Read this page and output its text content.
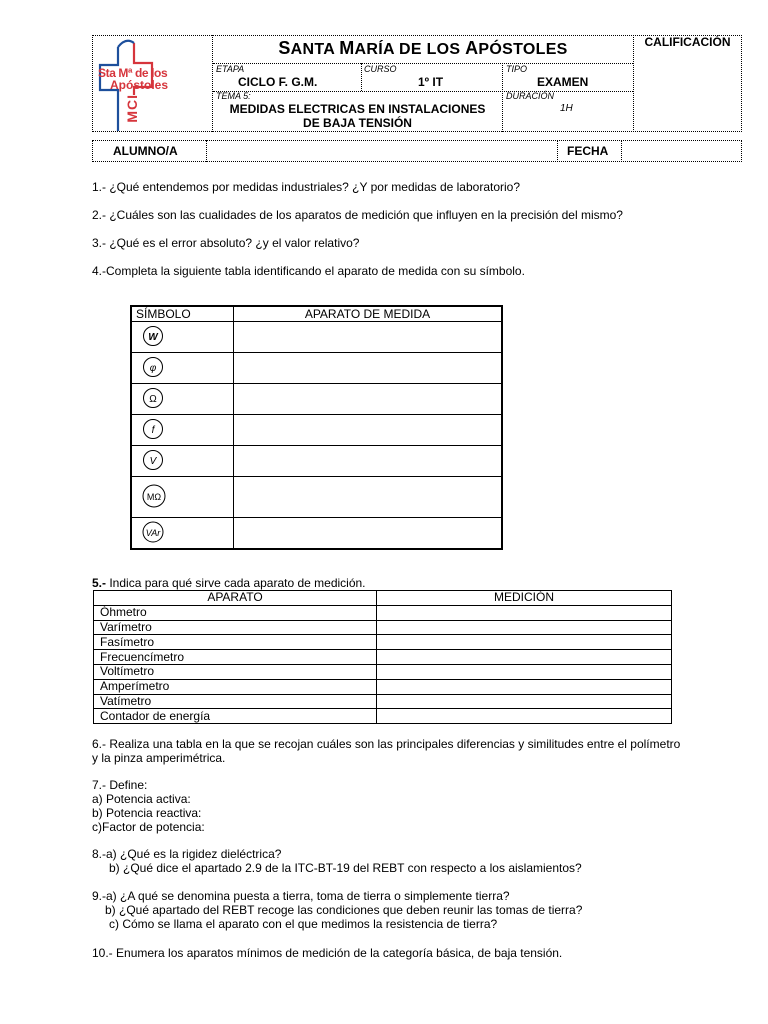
Sta Mª de los
Apóstoles
MCI
SANTA MARÍA DE LOS APÓSTOLES
ETAPA
CICLO F. G.M.
CURSO
1º IT
TIPO
EXAMEN
TEMA 5:
MEDIDAS ELECTRICAS EN INSTALACIONES
DE BAJA TENSIÓN
DURACIÓN
1H
CALIFICACIÓN
ALUMNO/A	FECHA
1.- ¿Qué entendemos por medidas industriales? ¿Y por medidas de laboratorio?
2.- ¿Cuáles son las cualidades de los aparatos de medición que influyen en la precisión del mismo?
3.- ¿Qué es el error absoluto? ¿y el valor relativo?
4.-Completa la siguiente tabla identificando el aparato de medida con su símbolo.
SÍMBOLO	APARATO DE MEDIDA

W	

φ	

Ω	

f	

V	

MΩ	

VAr	

5.- Indica para qué sirve cada aparato de medición.
APARATO	MEDICIÓN
Óhmetro	
Varímetro	
Fasímetro	
Frecuencímetro	
Voltímetro	
Amperímetro	
Vatímetro	
Contador de energía	
6.- Realiza una tabla en la que se recojan cuáles son las principales diferencias y similitudes entre el polímetro
y la pinza amperimétrica.
7.- Define:
a) Potencia activa:
b) Potencia reactiva:
c)Factor de potencia:
8.-a) ¿Qué es la rigidez dieléctrica?
b) ¿Qué dice el apartado 2.9 de la ITC-BT-19 del REBT con respecto a los aislamientos?
9.-a) ¿A qué se denomina puesta a tierra, toma de tierra o simplemente tierra?
b) ¿Qué apartado del REBT recoge las condiciones que deben reunir las tomas de tierra?
c) Cómo se llama el aparato con el que medimos la resistencia de tierra?
10.- Enumera los aparatos mínimos de medición de la categoría básica, de baja tensión.
